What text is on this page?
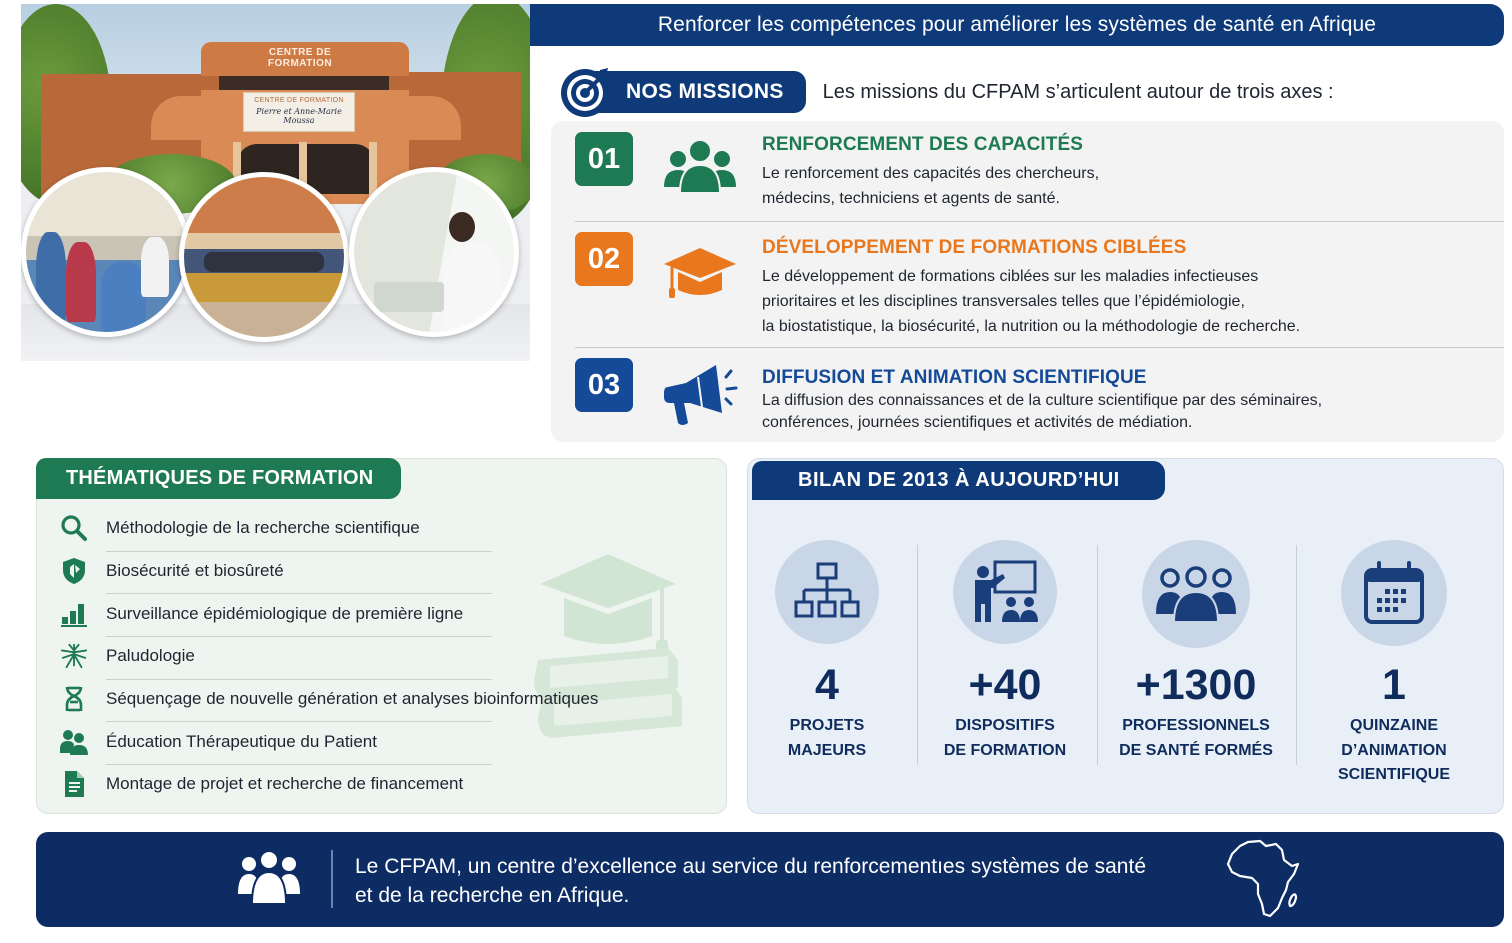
CENTRE DE FORMATION
CENTRE DE FORMATION
Pierre et Anne-Marie Moussa
Renforcer les compétences pour améliorer les systèmes de santé en Afrique
NOS MISSIONS	Les missions du CFPAM s’articulent autour de trois axes :
01	RENFORCEMENT DES CAPACITÉS
Le renforcement des capacités des chercheurs,
médecins, techniciens et agents de santé.
02	DÉVELOPPEMENT DE FORMATIONS CIBLÉES
Le développement de formations ciblées sur les maladies infectieuses
prioritaires et les disciplines transversales telles que l’épidémiologie,
la biostatistique, la biosécurité, la nutrition ou la méthodologie de recherche.
03	DIFFUSION ET ANIMATION SCIENTIFIQUE
La diffusion des connaissances et de la culture scientifique par des séminaires,
conférences, journées scientifiques et activités de médiation.
THÉMATIQUES DE FORMATION
Méthodologie de la recherche scientifique
Biosécurité et biosûreté
Surveillance épidémiologique de première ligne
Paludologie
Séquençage de nouvelle génération et analyses bioinformatiques
Éducation Thérapeutique du Patient
Montage de projet et recherche de financement
BILAN DE 2013 À AUJOURD’HUI
4
PROJETS
MAJEURS
+40
DISPOSITIFS
DE FORMATION
+1300
PROFESSIONNELS
DE SANTÉ FORMÉS
1
QUINZAINE
D’ANIMATION
SCIENTIFIQUE
Le CFPAM, un centre d’excellence au service du renforcementıes systèmes de santé
et de la recherche en Afrique.
